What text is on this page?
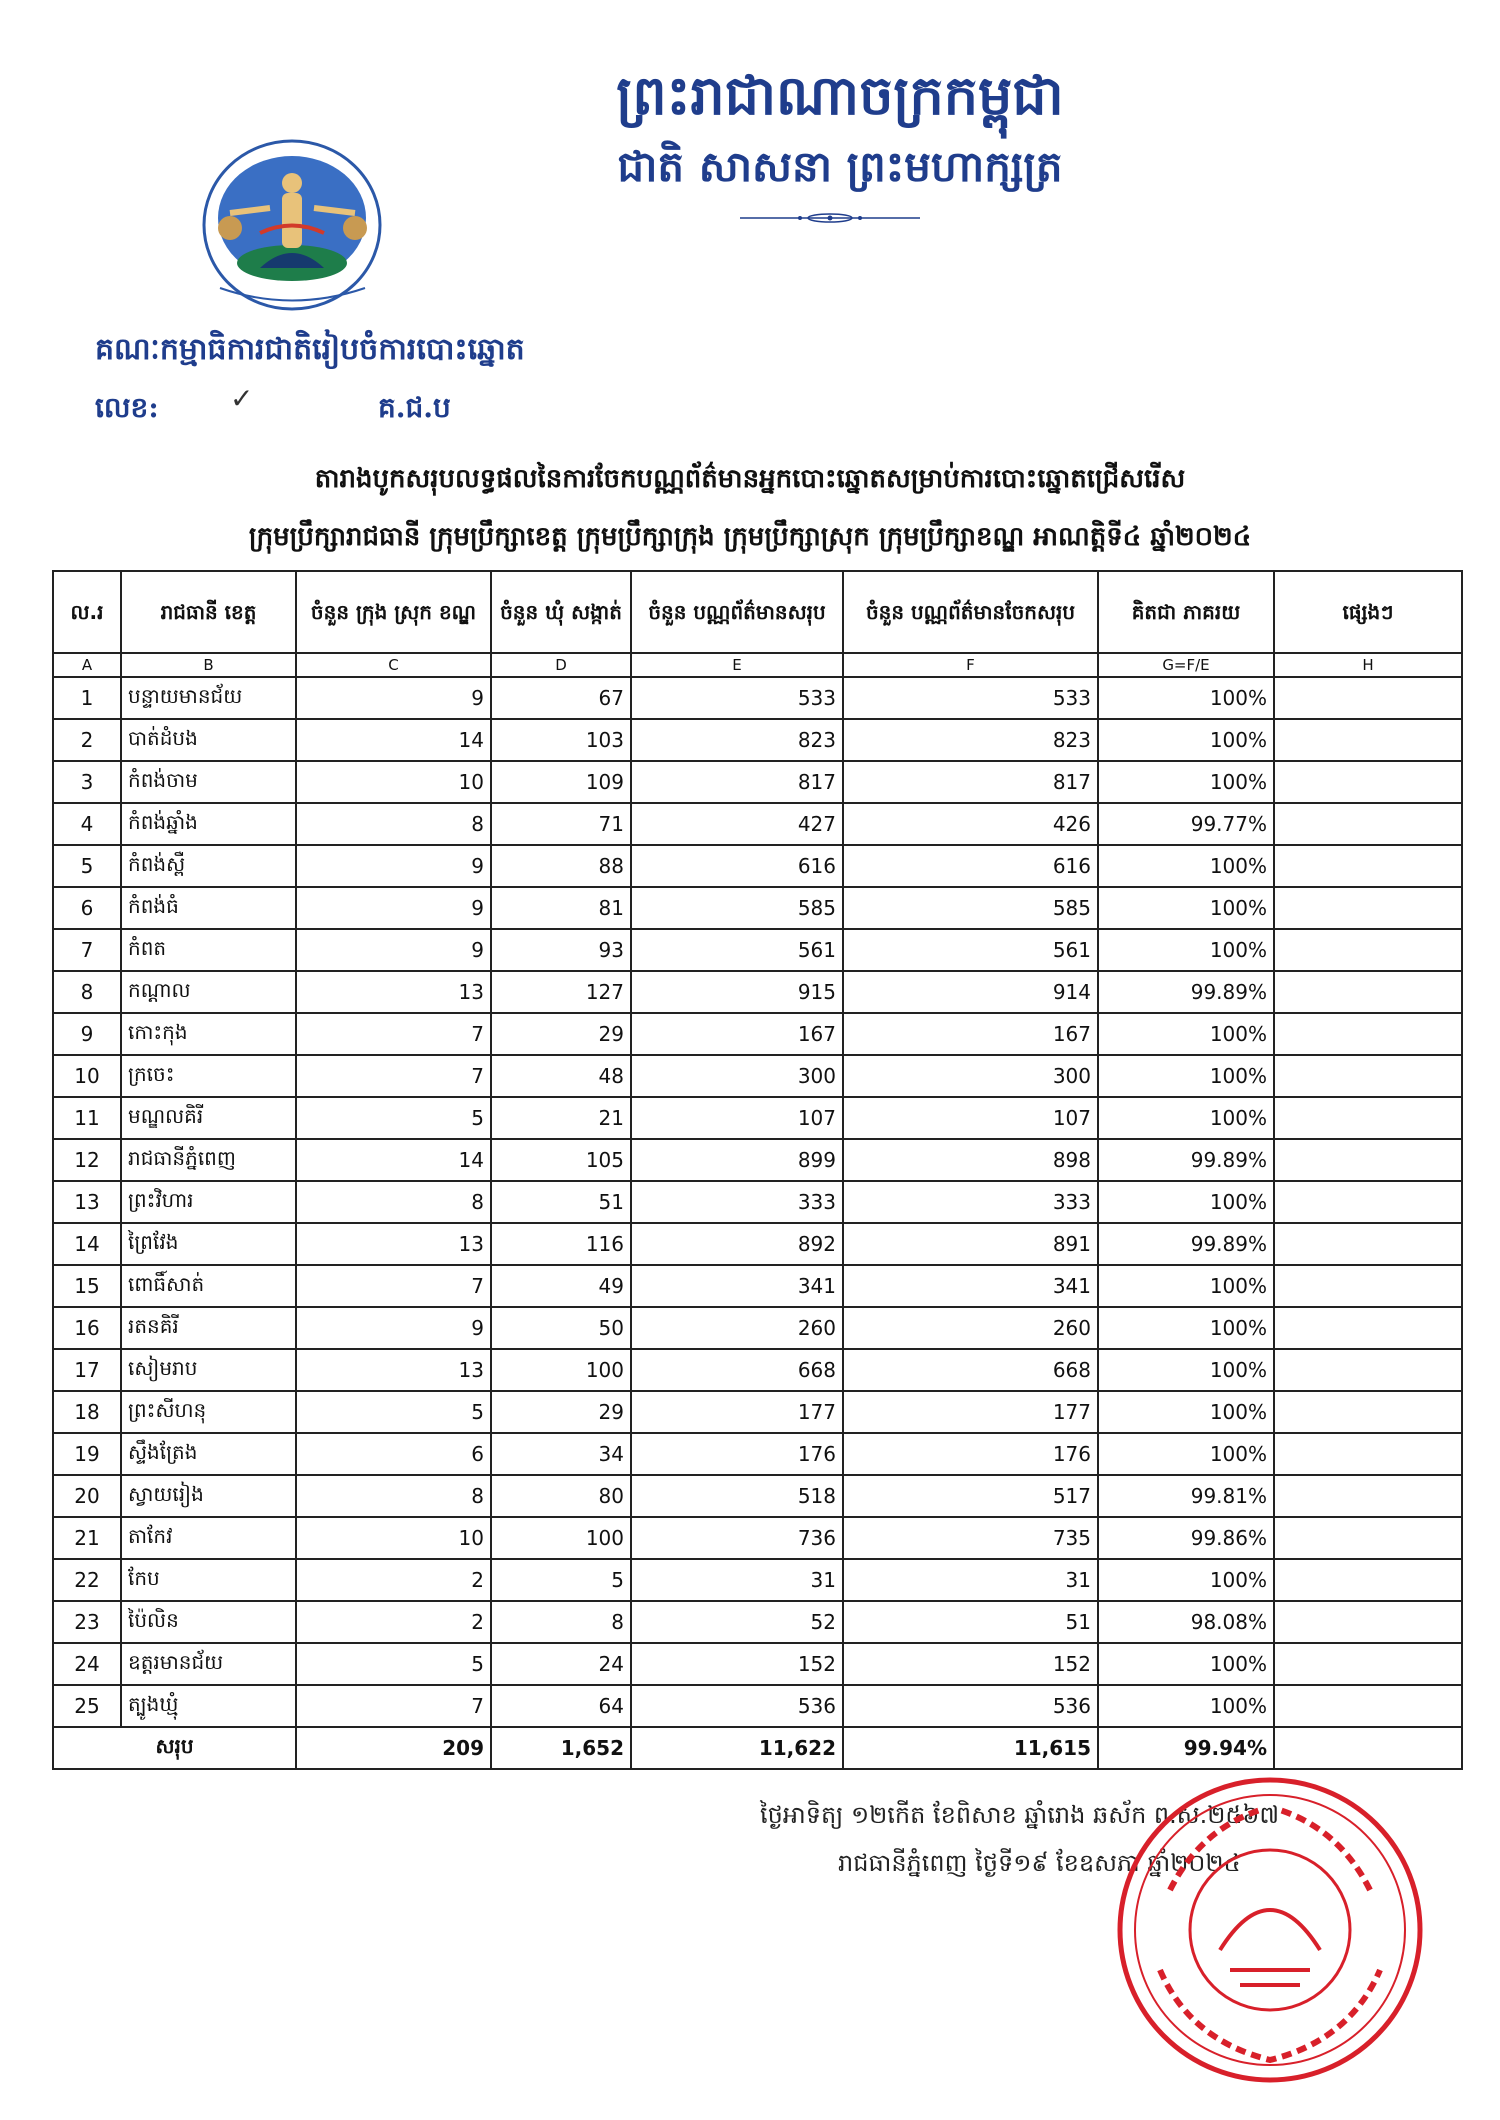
ព្រះរាជាណាចក្រកម្ពុជា
ជាតិ សាសនា ព្រះមហាក្សត្រ
គណៈកម្មាធិការជាតិរៀបចំការបោះឆ្នោត
លេខ:	✓	គ.ជ.ប
តារាងបូកសរុបលទ្ធផលនៃការចែកបណ្ណព័ត៌មានអ្នកបោះឆ្នោតសម្រាប់ការបោះឆ្នោតជ្រើសរើស
ក្រុមប្រឹក្សារាជធានី ក្រុមប្រឹក្សាខេត្ត ក្រុមប្រឹក្សាក្រុង ក្រុមប្រឹក្សាស្រុក ក្រុមប្រឹក្សាខណ្ឌ អាណត្តិទី៤ ឆ្នាំ២០២៤
ល.រ	រាជធានី ខេត្ត	ចំនួន ក្រុង ស្រុក ខណ្ឌ	ចំនួន ឃុំ សង្កាត់	ចំនួន បណ្ណព័ត៌មានសរុប	ចំនួន បណ្ណព័ត៌មានចែកសរុប	គិតជា ភាគរយ	ផ្សេងៗ
A	B	C	D	E	F	G=F/E	H
1	បន្ទាយមានជ័យ	9	67	533	533	100%	
2	បាត់ដំបង	14	103	823	823	100%	
3	កំពង់ចាម	10	109	817	817	100%	
4	កំពង់ឆ្នាំង	8	71	427	426	99.77%	
5	កំពង់ស្ពឺ	9	88	616	616	100%	
6	កំពង់ធំ	9	81	585	585	100%	
7	កំពត	9	93	561	561	100%	
8	កណ្ដាល	13	127	915	914	99.89%	
9	កោះកុង	7	29	167	167	100%	
10	ក្រចេះ	7	48	300	300	100%	
11	មណ្ឌលគិរី	5	21	107	107	100%	
12	រាជធានីភ្នំពេញ	14	105	899	898	99.89%	
13	ព្រះវិហារ	8	51	333	333	100%	
14	ព្រៃវែង	13	116	892	891	99.89%	
15	ពោធិ៍សាត់	7	49	341	341	100%	
16	រតនគិរី	9	50	260	260	100%	
17	សៀមរាប	13	100	668	668	100%	
18	ព្រះសីហនុ	5	29	177	177	100%	
19	ស្ទឹងត្រែង	6	34	176	176	100%	
20	ស្វាយរៀង	8	80	518	517	99.81%	
21	តាកែវ	10	100	736	735	99.86%	
22	កែប	2	5	31	31	100%	
23	ប៉ៃលិន	2	8	52	51	98.08%	
24	ឧត្ដរមានជ័យ	5	24	152	152	100%	
25	ត្បូងឃ្មុំ	7	64	536	536	100%	
សរុប		209	1,652	11,622	11,615	99.94%	
ថ្ងៃអាទិត្យ ១២កើត ខែពិសាខ ឆ្នាំរោង ឆស័ក ព.ស.២៥៦៧
រាជធានីភ្នំពេញ ថ្ងៃទី១៩ ខែឧសភា ឆ្នាំ២០២៤
